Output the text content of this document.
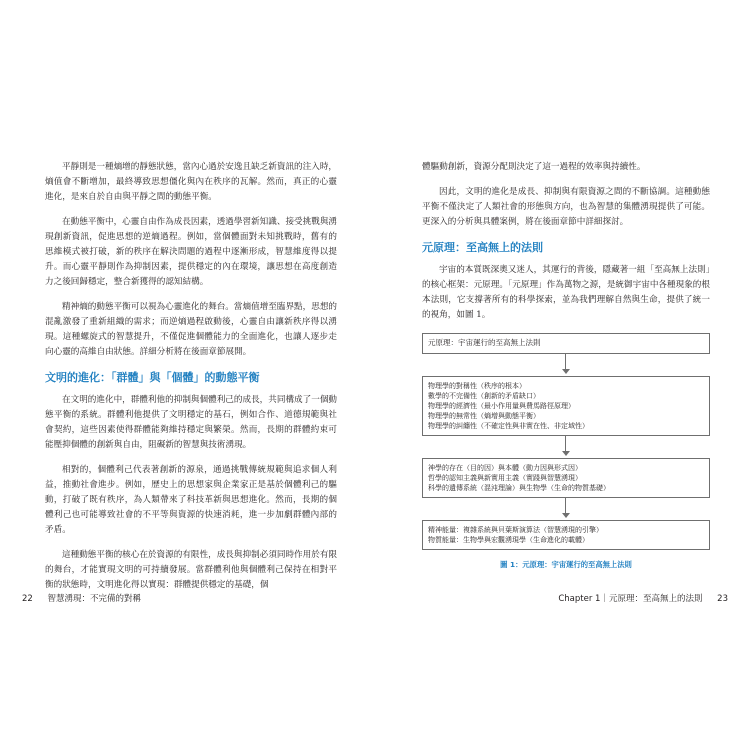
平靜則是一種熵增的靜態狀態，當內心過於安逸且缺乏新資訊的注入時，熵值會不斷增加，最終導致思想僵化與內在秩序的瓦解。然而，真正的心靈進化，是來自於自由與平靜之間的動態平衡。

在動態平衡中，心靈自由作為成長因素，透過學習新知識、接受挑戰與湧現創新資訊，促進思想的逆熵過程。例如，當個體面對未知挑戰時，舊有的思維模式被打破，新的秩序在解決問題的過程中逐漸形成，智慧維度得以提升。而心靈平靜則作為抑制因素，提供穩定的內在環境，讓思想在高度創造力之後回歸穩定，整合新獲得的認知結構。

精神熵的動態平衡可以視為心靈進化的舞台。當熵值增至臨界點，思想的混亂激發了重新組織的需求；而逆熵過程啟動後，心靈自由讓新秩序得以湧現。這種螺旋式的智慧提升，不僅促進個體能力的全面進化，也讓人逐步走向心靈的高維自由狀態。詳細分析將在後面章節展開。

文明的進化：「群體」與「個體」的動態平衡

在文明的進化中，群體利他的抑制與個體利己的成長，共同構成了一個動態平衡的系統。群體利他提供了文明穩定的基石，例如合作、道德規範與社會契約，這些因素使得群體能夠維持穩定與繁榮。然而，長期的群體約束可能壓抑個體的創新與自由，阻礙新的智慧與技術湧現。

相對的，個體利己代表著創新的源泉，通過挑戰傳統規範與追求個人利益，推動社會進步。例如，歷史上的思想家與企業家正是基於個體利己的驅動，打破了既有秩序，為人類帶來了科技革新與思想進化。然而，長期的個體利己也可能導致社會的不平等與資源的快速消耗，進一步加劇群體內部的矛盾。

這種動態平衡的核心在於資源的有限性，成長與抑制必須同時作用於有限的舞台，才能實現文明的可持續發展。當群體利他與個體利己保持在相對平衡的狀態時，文明進化得以實現：群體提供穩定的基礎，個

22 智慧湧現：不完備的對稱

體驅動創新，資源分配則決定了這一過程的效率與持續性。

因此，文明的進化是成長、抑制與有限資源之間的不斷協調。這種動態平衡不僅決定了人類社會的形態與方向，也為智慧的集體湧現提供了可能。更深入的分析與具體案例，將在後面章節中詳細探討。

元原理：至高無上的法則

宇宙的本質既深奧又迷人，其運行的背後，隱藏著一組「至高無上法則」的核心框架：元原理。「元原理」作為萬物之源，是統御宇宙中各種現象的根本法則，它支撐著所有的科學探索，並為我們理解自然與生命，提供了統一的視角，如圖 1。

元原理：宇宙運行的至高無上法則
物理學的對稱性（秩序的根本）
數學的不完備性（創新的矛盾缺口）
物理學的經濟性（最小作用量與費馬路徑原理）
物理學的無常性（熵增與動態平衡）
物理學的糾纏性（不確定性與非實在性、非定域性）
神學的存在（目的因）與本體（動力因與形式因）
哲學的認知主義與新實用主義（實踐與智慧湧現）
科學的遺傳系統（混沌理論）與生物學（生命的物質基礎）
精神能量：複雜系統與貝葉斯演算法（智慧湧現的引擎）
物質能量：生物學與宏觀湧現學（生命進化的載體）
圖 1：元原理：宇宙運行的至高無上法則
Chapter 1｜元原理：至高無上的法則 23
